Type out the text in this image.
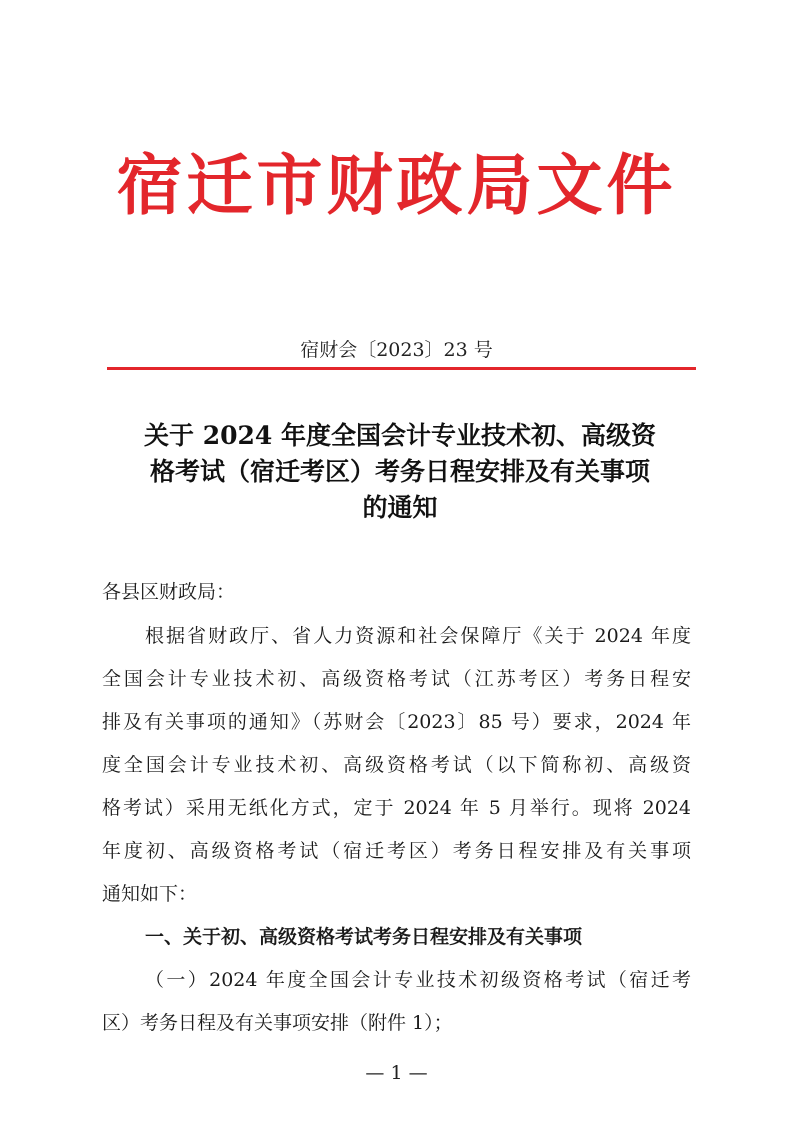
宿迁市财政局文件
宿财会〔2023〕23 号
关于 2024 年度全国会计专业技术初、高级资
格考试（宿迁考区）考务日程安排及有关事项
的通知
各县区财政局：
根据省财政厅、省人力资源和社会保障厅《关于 2024 年度
全国会计专业技术初、高级资格考试（江苏考区）考务日程安
排及有关事项的通知》（苏财会〔2023〕85 号）要求，2024 年
度全国会计专业技术初、高级资格考试（以下简称初、高级资
格考试）采用无纸化方式，定于 2024 年 5 月举行。现将 2024
年度初、高级资格考试（宿迁考区）考务日程安排及有关事项
通知如下：
一、关于初、高级资格考试考务日程安排及有关事项
（一）2024 年度全国会计专业技术初级资格考试（宿迁考
区）考务日程及有关事项安排（附件 1）；
— 1 —
